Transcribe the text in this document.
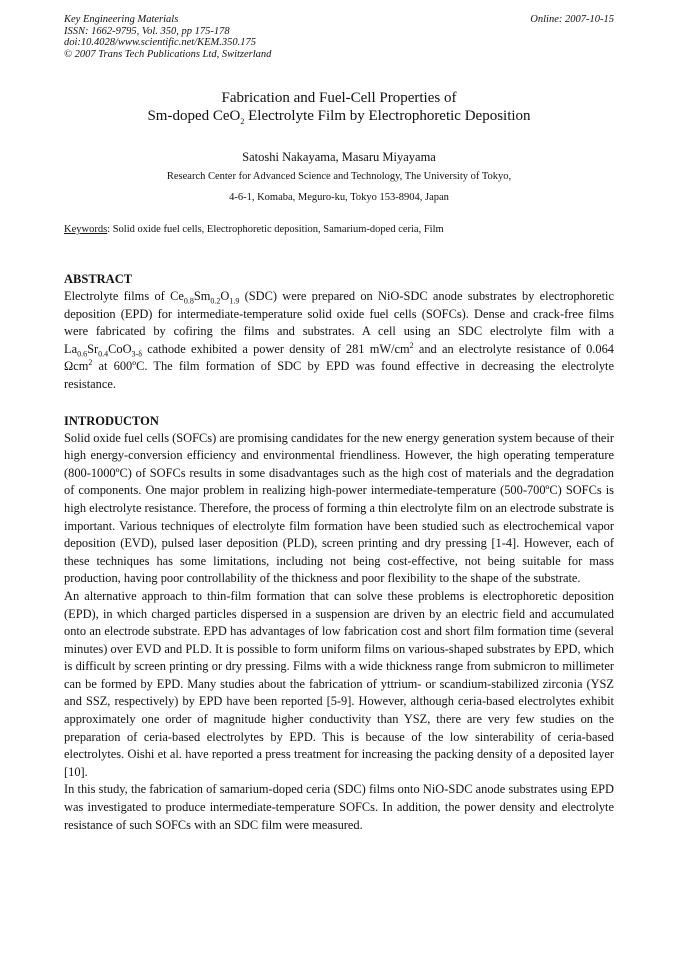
Key Engineering Materials
ISSN: 1662-9795, Vol. 350, pp 175-178
doi:10.4028/www.scientific.net/KEM.350.175
© 2007 Trans Tech Publications Ltd, Switzerland
Online: 2007-10-15
Fabrication and Fuel-Cell Properties of
Sm-doped CeO$_2$ Electrolyte Film by Electrophoretic Deposition
Satoshi Nakayama, Masaru Miyayama
Research Center for Advanced Science and Technology, The University of Tokyo,
4-6-1, Komaba, Meguro-ku, Tokyo 153-8904, Japan
Keywords: Solid oxide fuel cells, Electrophoretic deposition, Samarium-doped ceria, Film
ABSTRACT

Electrolyte films of $Ce_{0.8}Sm_{0.2}O_{1.9}$ (SDC) were prepared on NiO-SDC anode substrates by electrophoretic deposition (EPD) for intermediate-temperature solid oxide fuel cells (SOFCs). Dense and crack-free films were fabricated by cofiring the films and substrates. A cell using an SDC electrolyte film with a $La_{0.6}Sr_{0.4}CoO_{3-\delta}$ cathode exhibited a power density of 281 $mW/cm^2$ and an electrolyte resistance of 0.064 Ωcm$^2$ at 600ºC. The film formation of SDC by EPD was found effective in decreasing the electrolyte resistance.

INTRODUCTON

Solid oxide fuel cells (SOFCs) are promising candidates for the new energy generation system because of their high energy-conversion efficiency and environmental friendliness. However, the high operating temperature (800-1000ºC) of SOFCs results in some disadvantages such as the high cost of materials and the degradation of components. One major problem in realizing high-power intermediate-temperature (500-700ºC) SOFCs is high electrolyte resistance. Therefore, the process of forming a thin electrolyte film on an electrode substrate is important. Various techniques of electrolyte film formation have been studied such as electrochemical vapor deposition (EVD), pulsed laser deposition (PLD), screen printing and dry pressing [1-4]. However, each of these techniques has some limitations, including not being cost-effective, not being suitable for mass production, having poor controllability of the thickness and poor flexibility to the shape of the substrate.

An alternative approach to thin-film formation that can solve these problems is electrophoretic deposition (EPD), in which charged particles dispersed in a suspension are driven by an electric field and accumulated onto an electrode substrate. EPD has advantages of low fabrication cost and short film formation time (several minutes) over EVD and PLD. It is possible to form uniform films on various-shaped substrates by EPD, which is difficult by screen printing or dry pressing. Films with a wide thickness range from submicron to millimeter can be formed by EPD. Many studies about the fabrication of yttrium- or scandium-stabilized zirconia (YSZ and SSZ, respectively) by EPD have been reported [5-9]. However, although ceria-based electrolytes exhibit approximately one order of magnitude higher conductivity than YSZ, there are very few studies on the preparation of ceria-based electrolytes by EPD. This is because of the low sinterability of ceria-based electrolytes. Oishi et al. have reported a press treatment for increasing the packing density of a deposited layer [10].

In this study, the fabrication of samarium-doped ceria (SDC) films onto NiO-SDC anode substrates using EPD was investigated to produce intermediate-temperature SOFCs. In addition, the power density and electrolyte resistance of such SOFCs with an SDC film were measured.
